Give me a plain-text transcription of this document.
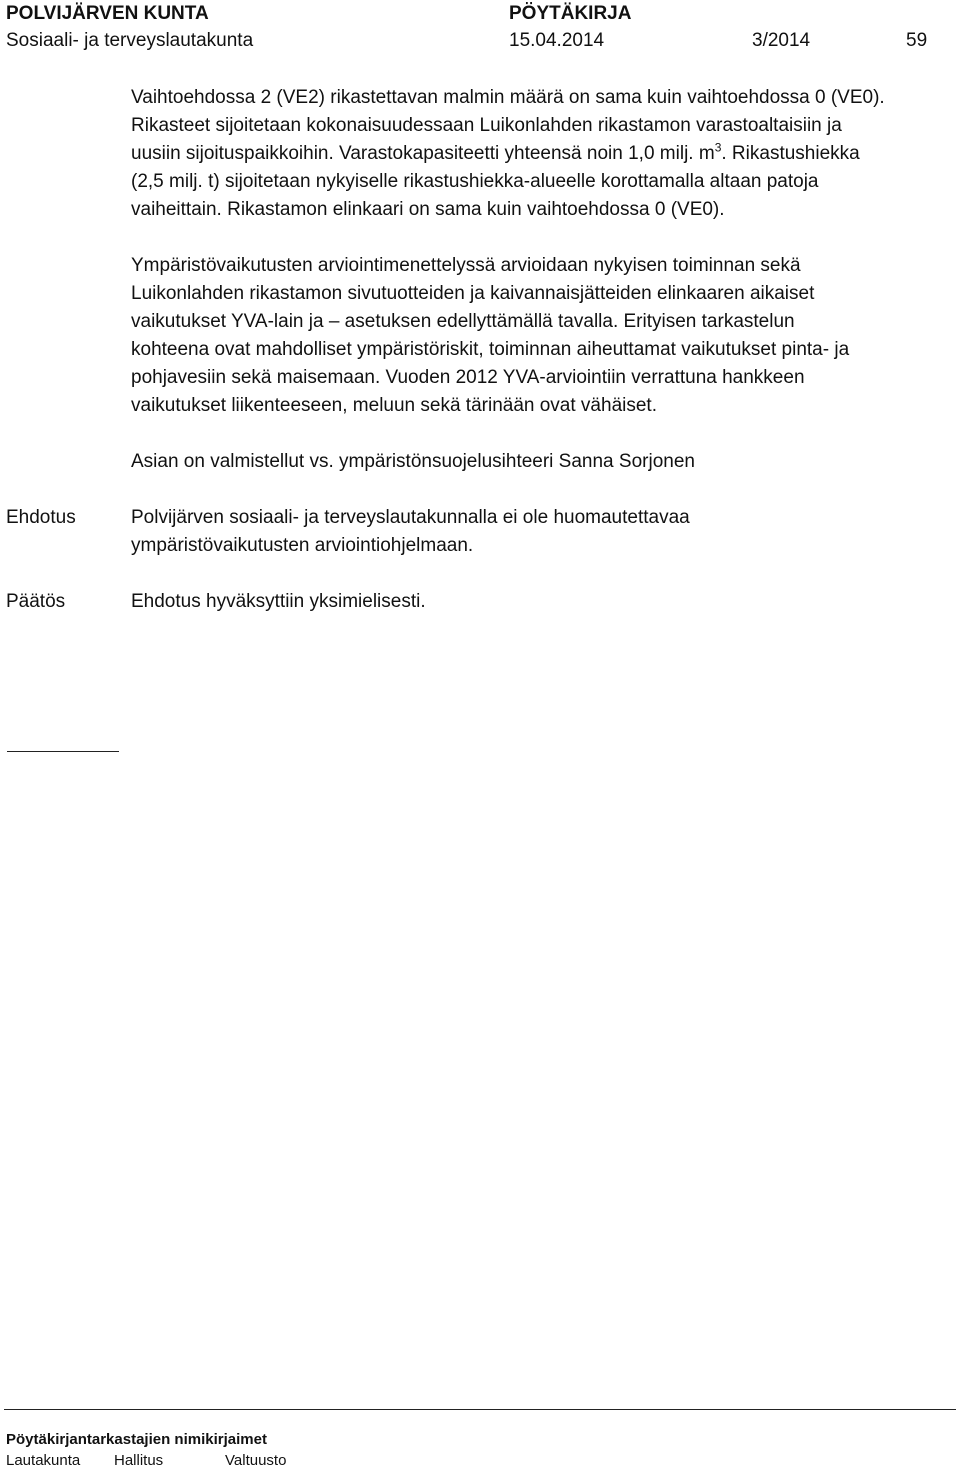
POLVIJÄRVEN KUNTA	PÖYTÄKIRJA
Sosiaali- ja terveyslautakunta	15.04.2014	3/2014	59
Vaihtoehdossa 2 (VE2) rikastettavan malmin määrä on sama kuin vaihtoehdossa 0 (VE0).
Rikasteet sijoitetaan kokonaisuudessaan Luikonlahden rikastamon varastoaltaisiin ja
uusiin sijoituspaikkoihin. Varastokapasiteetti yhteensä noin 1,0 milj. $m^3$. Rikastushiekka
(2,5 milj. t) sijoitetaan nykyiselle rikastushiekka-alueelle korottamalla altaan patoja
vaiheittain. Rikastamon elinkaari on sama kuin vaihtoehdossa 0 (VE0).
Ympäristövaikutusten arviointimenettelyssä arvioidaan nykyisen toiminnan sekä
Luikonlahden rikastamon sivutuotteiden ja kaivannaisjätteiden elinkaaren aikaiset
vaikutukset YVA-lain ja – asetuksen edellyttämällä tavalla. Erityisen tarkastelun
kohteena ovat mahdolliset ympäristöriskit, toiminnan aiheuttamat vaikutukset pinta- ja
pohjavesiin sekä maisemaan. Vuoden 2012 YVA-arviointiin verrattuna hankkeen
vaikutukset liikenteeseen, meluun sekä tärinään ovat vähäiset.
Asian on valmistellut vs. ympäristönsuojelusihteeri Sanna Sorjonen
Ehdotus	Polvijärven sosiaali- ja terveyslautakunnalla ei ole huomautettavaa
ympäristövaikutusten arviointiohjelmaan.
Päätös	Ehdotus hyväksyttiin yksimielisesti.
Pöytäkirjantarkastajien nimikirjaimet
Lautakunta Hallitus	Valtuusto
